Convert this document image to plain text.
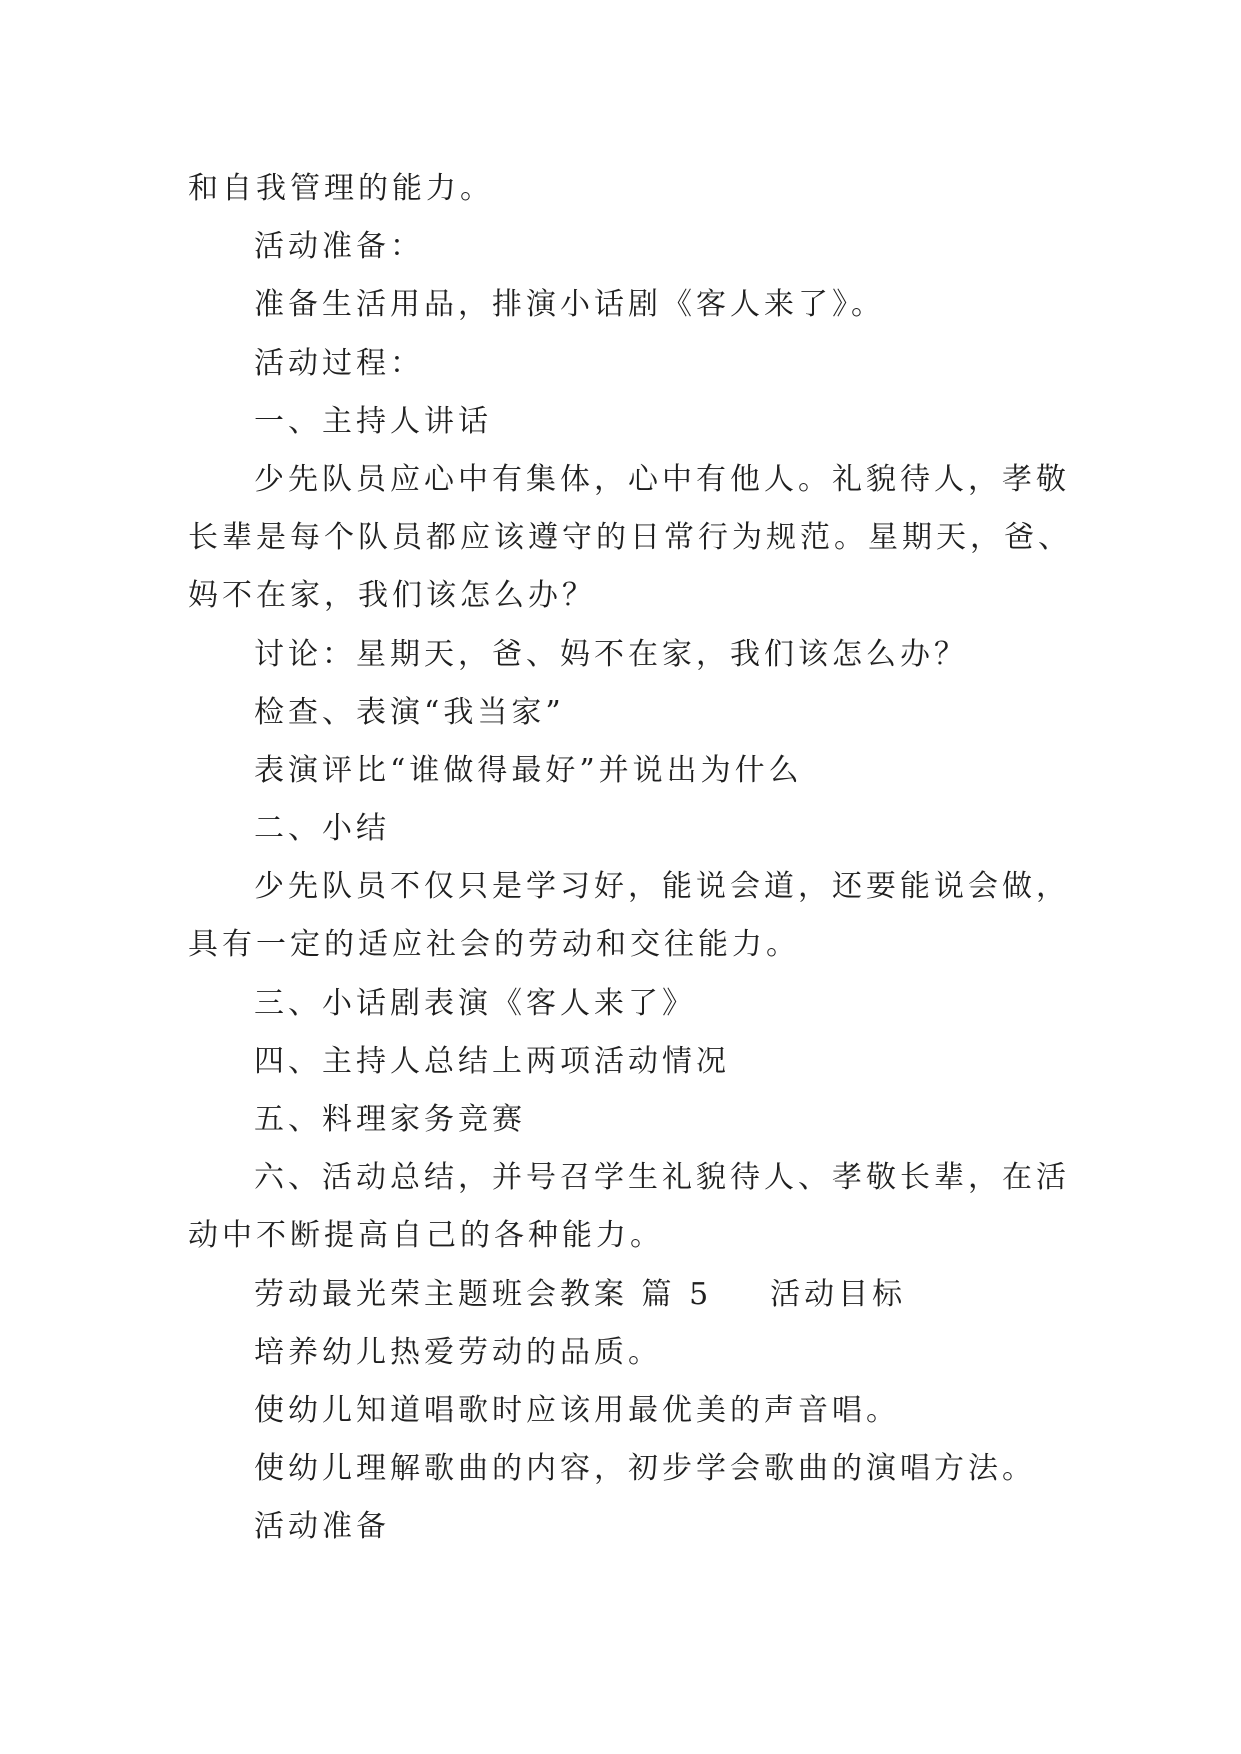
和自我管理的能力。
活动准备：
准备生活用品，排演小话剧《客人来了》。
活动过程：
一、主持人讲话
少先队员应心中有集体，心中有他人。礼貌待人，孝敬
长辈是每个队员都应该遵守的日常行为规范。星期天，爸、
妈不在家，我们该怎么办？
讨论：星期天，爸、妈不在家，我们该怎么办？
检查、表演“我当家”
表演评比“谁做得最好”并说出为什么
二、小结
少先队员不仅只是学习好，能说会道，还要能说会做，
具有一定的适应社会的劳动和交往能力。
三、小话剧表演《客人来了》
四、主持人总结上两项活动情况
五、料理家务竞赛
六、活动总结，并号召学生礼貌待人、孝敬长辈，在活
动中不断提高自己的各种能力。
劳动最光荣主题班会教案 篇 5 活动目标
培养幼儿热爱劳动的品质。
使幼儿知道唱歌时应该用最优美的声音唱。
使幼儿理解歌曲的内容，初步学会歌曲的演唱方法。
活动准备
